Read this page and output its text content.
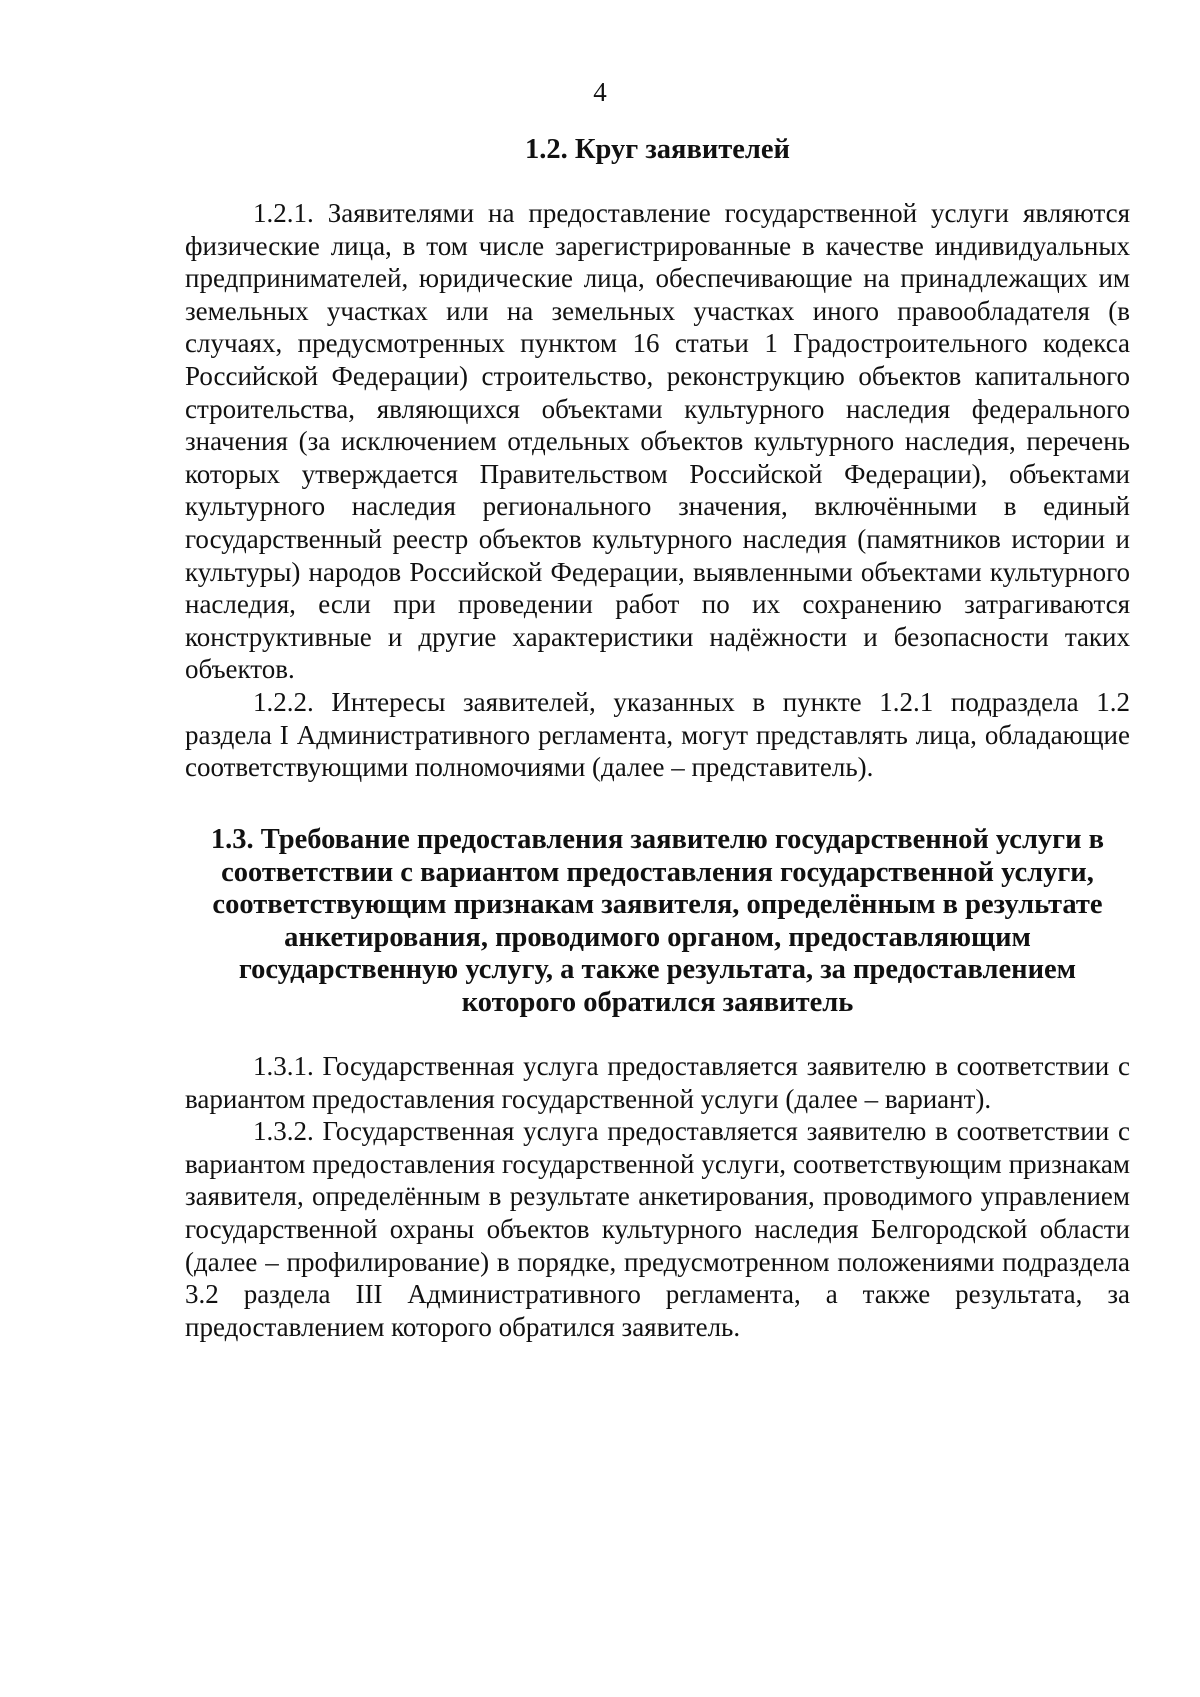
4
1.2. Круг заявителей

1.2.1. Заявителями на предоставление государственной услуги являются физические лица, в том числе зарегистрированные в качестве индивидуальных предпринимателей, юридические лица, обеспечивающие на принадлежащих им земельных участках или на земельных участках иного правообладателя (в случаях, предусмотренных пунктом 16 статьи 1 Градостроительного кодекса Российской Федерации) строительство, реконструкцию объектов капитального строительства, являющихся объектами культурного наследия федерального значения (за исключением отдельных объектов культурного наследия, перечень которых утверждается Правительством Российской Федерации), объектами культурного наследия регионального значения, включёнными в единый государственный реестр объектов культурного наследия (памятников истории и культуры) народов Российской Федерации, выявленными объектами культурного наследия, если при проведении работ по их сохранению затрагиваются конструктивные и другие характеристики надёжности и безопасности таких объектов.

1.2.2. Интересы заявителей, указанных в пункте 1.2.1 подраздела 1.2 раздела I Административного регламента, могут представлять лица, обладающие соответствующими полномочиями (далее – представитель).

1.3. Требование предоставления заявителю государственной услуги в соответствии с вариантом предоставления государственной услуги, соответствующим признакам заявителя, определённым в результате анкетирования, проводимого органом, предоставляющим государственную услугу, а также результата, за предоставлением которого обратился заявитель

1.3.1. Государственная услуга предоставляется заявителю в соответствии с вариантом предоставления государственной услуги (далее – вариант).

1.3.2. Государственная услуга предоставляется заявителю в соответствии с вариантом предоставления государственной услуги, соответствующим признакам заявителя, определённым в результате анкетирования, проводимого управлением государственной охраны объектов культурного наследия Белгородской области (далее – профилирование) в порядке, предусмотренном положениями подраздела 3.2 раздела III Административного регламента, а также результата, за предоставлением которого обратился заявитель.
